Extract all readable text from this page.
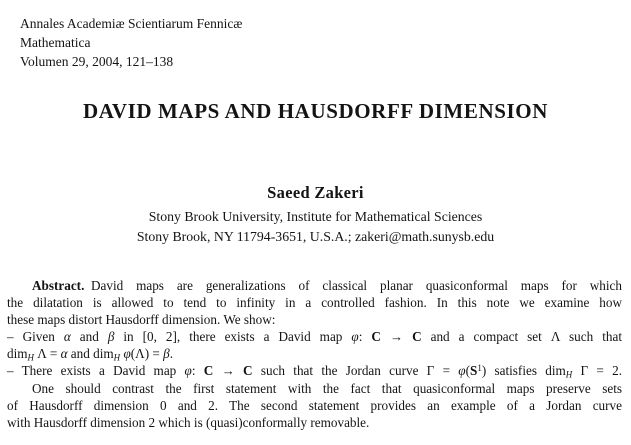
Annales Academiæ Scientiarum Fennicæ
Mathematica
Volumen 29, 2004, 121–138
DAVID MAPS AND HAUSDORFF DIMENSION
Saeed Zakeri
Stony Brook University, Institute for Mathematical Sciences
Stony Brook, NY 11794-3651, U.S.A.; zakeri@math.sunysb.edu
Abstract. David maps are generalizations of classical planar quasiconformal maps for which
the dilatation is allowed to tend to infinity in a controlled fashion. In this note we examine how
these maps distort Hausdorff dimension. We show:
– Given α and β in [0, 2], there exists a David map φ: C → C and a compact set Λ such that
dim$_H$ Λ = α and dim$_H$ φ(Λ) = β.
– There exists a David map φ: C → C such that the Jordan curve $\Gamma = \varphi(S^1)$ satisfies dim$_H$ Γ = 2.
One should contrast the first statement with the fact that quasiconformal maps preserve sets
of Hausdorff dimension 0 and 2. The second statement provides an example of a Jordan curve
with Hausdorff dimension 2 which is (quasi)conformally removable.
